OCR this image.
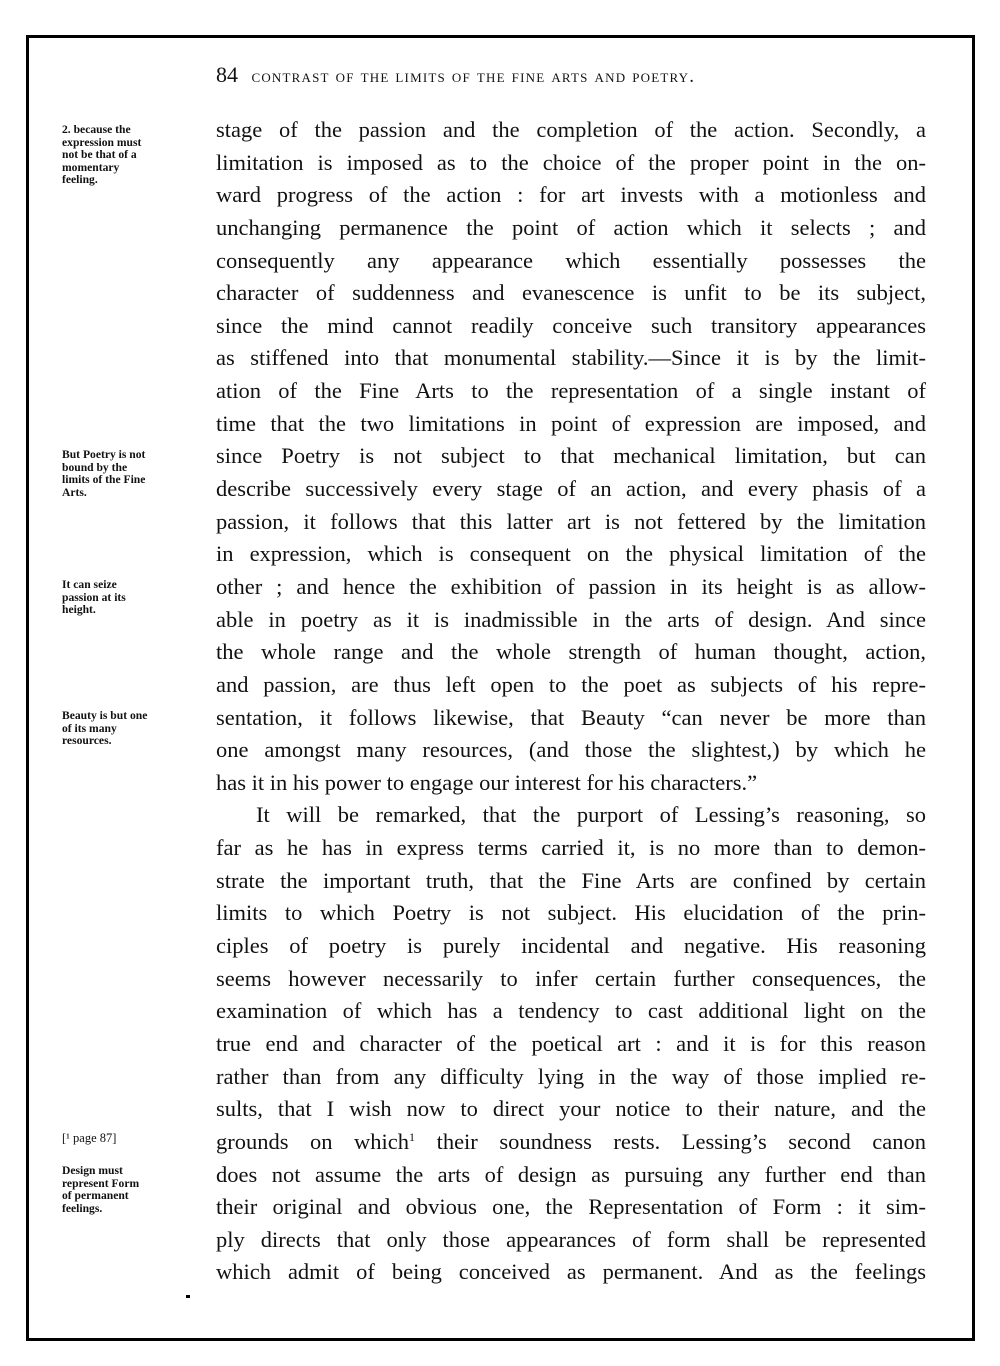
84 contrast of the limits of the fine arts and poetry.
2. because the
expression must
not be that of a
momentary
feeling.
But Poetry is not
bound by the
limits of the Fine
Arts.
It can seize
passion at its
height.
Beauty is but one
of its many
resources.
[¹ page 87]
Design must
represent Form
of permanent
feelings.
stage of the passion and the completion of the action. Secondly, a
limitation is imposed as to the choice of the proper point in the on-
ward progress of the action : for art invests with a motionless and
unchanging permanence the point of action which it selects ; and
consequently any appearance which essentially possesses the
character of suddenness and evanescence is unfit to be its subject,
since the mind cannot readily conceive such transitory appearances
as stiffened into that monumental stability.—Since it is by the limit-
ation of the Fine Arts to the representation of a single instant of
time that the two limitations in point of expression are imposed, and
since Poetry is not subject to that mechanical limitation, but can
describe successively every stage of an action, and every phasis of a
passion, it follows that this latter art is not fettered by the limitation
in expression, which is consequent on the physical limitation of the
other ; and hence the exhibition of passion in its height is as allow-
able in poetry as it is inadmissible in the arts of design. And since
the whole range and the whole strength of human thought, action,
and passion, are thus left open to the poet as subjects of his repre-
sentation, it follows likewise, that Beauty “can never be more than
one amongst many resources, (and those the slightest,) by which he
has it in his power to engage our interest for his characters.”
It will be remarked, that the purport of Lessing’s reasoning, so
far as he has in express terms carried it, is no more than to demon-
strate the important truth, that the Fine Arts are confined by certain
limits to which Poetry is not subject. His elucidation of the prin-
ciples of poetry is purely incidental and negative. His reasoning
seems however necessarily to infer certain further consequences, the
examination of which has a tendency to cast additional light on the
true end and character of the poetical art : and it is for this reason
rather than from any difficulty lying in the way of those implied re-
sults, that I wish now to direct your notice to their nature, and the
grounds on which$^1$ their soundness rests. Lessing’s second canon
does not assume the arts of design as pursuing any further end than
their original and obvious one, the Representation of Form : it sim-
ply directs that only those appearances of form shall be represented
which admit of being conceived as permanent. And as the feelings
